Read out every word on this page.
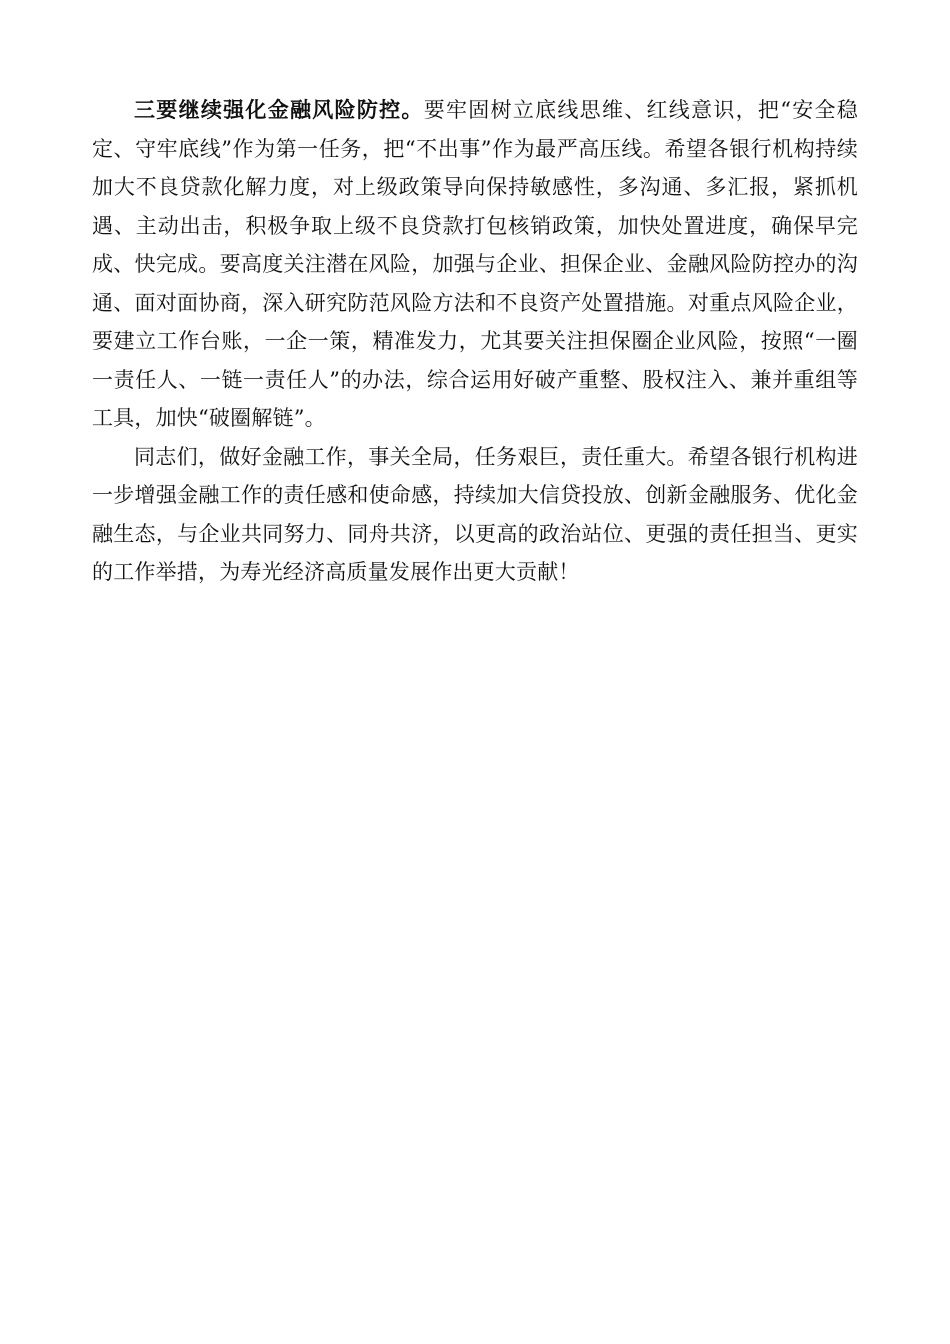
三要继续强化金融风险防控。要牢固树立底线思维、红线意识，把“安全稳定、守牢底线”作为第一任务，把“不出事”作为最严高压线。希望各银行机构持续加大不良贷款化解力度，对上级政策导向保持敏感性，多沟通、多汇报，紧抓机遇、主动出击，积极争取上级不良贷款打包核销政策，加快处置进度，确保早完成、快完成。要高度关注潜在风险，加强与企业、担保企业、金融风险防控办的沟通、面对面协商，深入研究防范风险方法和不良资产处置措施。对重点风险企业，要建立工作台账，一企一策，精准发力，尤其要关注担保圈企业风险，按照“一圈一责任人、一链一责任人”的办法，综合运用好破产重整、股权注入、兼并重组等工具，加快“破圈解链”。

同志们，做好金融工作，事关全局，任务艰巨，责任重大。希望各银行机构进一步增强金融工作的责任感和使命感，持续加大信贷投放、创新金融服务、优化金融生态，与企业共同努力、同舟共济，以更高的政治站位、更强的责任担当、更实的工作举措，为寿光经济高质量发展作出更大贡献！
